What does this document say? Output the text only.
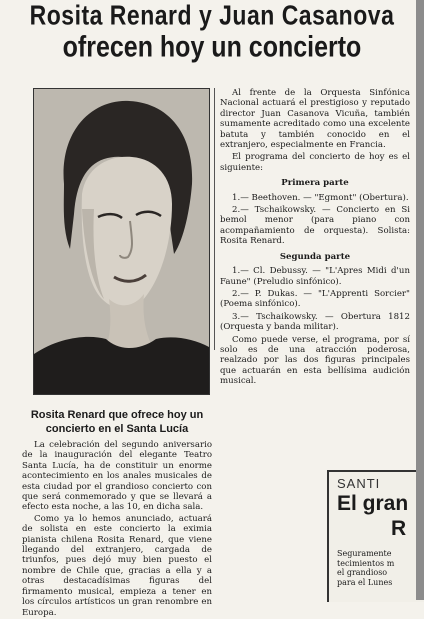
Rosita Renard y Juan Casanova
ofrecen hoy un concierto
Rosita Renard que ofrece hoy un concierto en el Santa Lucía

La celebración del segundo aniversario de la inauguración del elegante Teatro Santa Lucía, ha de constituir un enorme acontecimiento en los anales musicales de esta ciudad por el grandioso concierto con que será conmemorado y que se llevará a efecto esta noche, a las 10, en dicha sala.

Como ya lo hemos anunciado, actuará de solista en este concierto la eximia pianista chilena Rosita Renard, que viene llegando del extranjero, cargada de triunfos, pues dejó muy bien puesto el nombre de Chile que, gracias a ella y a otras destacadísimas figuras del firmamento musical, empieza a tener en los círculos artísticos un gran renombre en Europa.

Al frente de la Orquesta Sinfónica Nacional actuará el prestigioso y reputado director Juan Casanova Vicuña, también sumamente acreditado como una excelente batuta y también conocido en el extranjero, especialmente en Francia.

El programa del concierto de hoy es el siguiente:

Primera parte
1.— Beethoven. — "Egmont" (Obertura).
2.— Tschaikowsky. — Concierto en Si bemol menor (para piano con acompañamiento de orquesta). Solista: Rosita Renard.
Segunda parte
1.— Cl. Debussy. — "L'Apres Midi d'un Faune" (Preludio sinfónico).
2.— P. Dukas. — "L'Apprenti Sorcier" (Poema sinfónico).
3.— Tschaikowsky. — Obertura 1812 (Orquesta y banda militar).

Como puede verse, el programa, por sí solo es de una atracción poderosa, realzado por las dos figuras principales que actuarán en esta bellísima audición musical.

SANTI
El gran
R
Seguramente
tecimientos m
el grandioso
para el Lunes
